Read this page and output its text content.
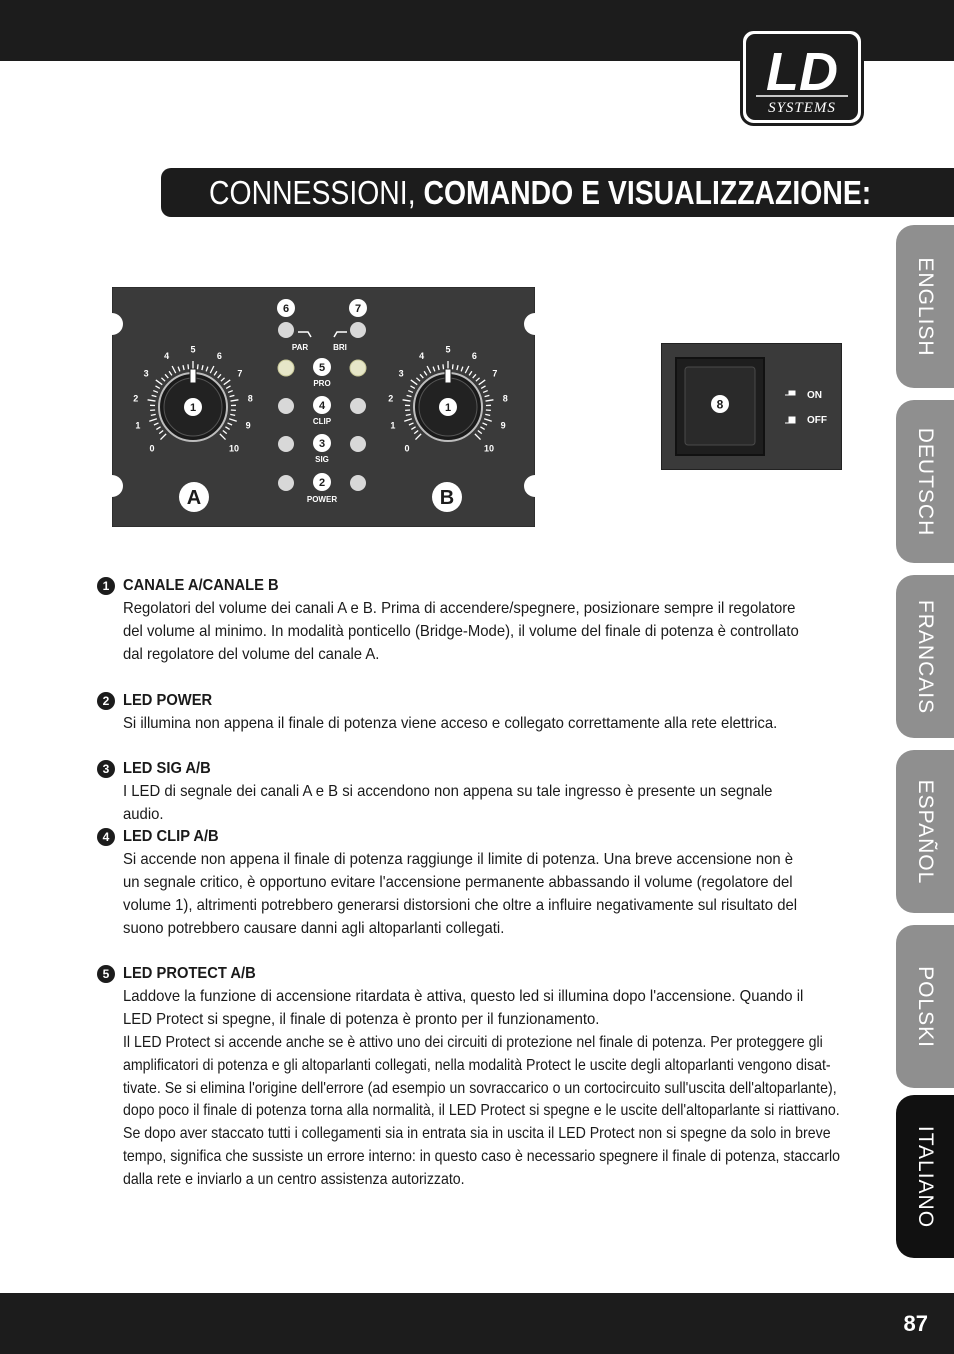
LD
SYSTEMS
CONNESSIONI, COMANDO E VISUALIZZAZIONE:
ENGLISH
DEUTSCH
FRANCAIS
ESPAÑOL
POLSKI
ITALIANO
0
1
2
3
4
5
6
7
8
9
10
1
0
1
2
3
4
5
6
7
8
9
10
1
A	B
PAR	BRI
6	7
5
PRO
4
CLIP
3
SIG
2
POWER
8
ON
OFF
1 CANALE A/CANALE B
Regolatori del volume dei canali A e B. Prima di accendere/spegnere, posizionare sempre il regolatore del volume al minimo. In modalità ponticello (Bridge-Mode), il volume del finale di potenza è controllato dal regolatore del volume del canale A.
2 LED POWER
Si illumina non appena il finale di potenza viene acceso e collegato correttamente alla rete elettrica.
3 LED SIG A/B
I LED di segnale dei canali A e B si accendono non appena su tale ingresso è presente un segnale audio.
4 LED CLIP A/B
Si accende non appena il finale di potenza raggiunge il limite di potenza. Una breve accensione non è un segnale critico, è opportuno evitare l'accensione permanente abbassando il volume (regolatore del volume 1), altrimenti potrebbero generarsi distorsioni che oltre a influire negativamente sul risultato del suono potrebbero causare danni agli altoparlanti collegati.
5 LED PROTECT A/B

Laddove la funzione di accensione ritardata è attiva, questo led si illumina dopo l'accensione. Quando il LED Protect si spegne, il finale di potenza è pronto per il funzionamento.

Il LED Protect si accende anche se è attivo uno dei circuiti di protezione nel finale di potenza. Per proteggere gli amplificatori di potenza e gli altoparlanti collegati, nella modalità Protect le uscite degli altoparlanti vengono disat-tivate. Se si elimina l'origine dell'errore (ad esempio un sovraccarico o un cortocircuito sull'uscita dell'altoparlante), dopo poco il finale di potenza torna alla normalità, il LED Protect si spegne e le uscite dell'altoparlante si riattivano. Se dopo aver staccato tutti i collegamenti sia in entrata sia in uscita il LED Protect non si spegne da solo in breve tempo, significa che sussiste un errore interno: in questo caso è necessario spegnere il finale di potenza, staccarlo dalla rete e inviarlo a un centro assistenza autorizzato.

87
